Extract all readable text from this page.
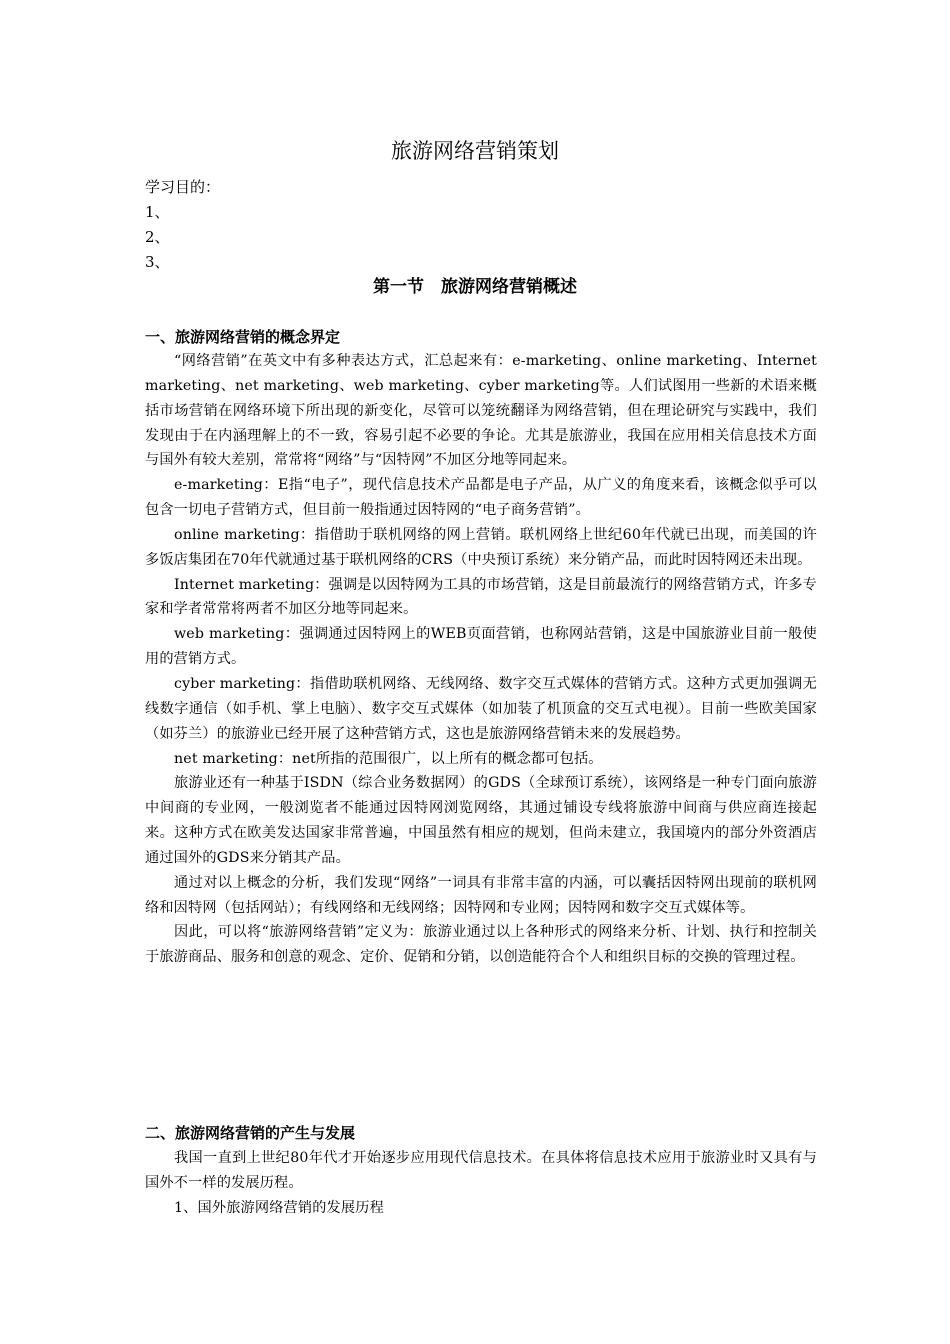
旅游网络营销策划
学习目的：
1、
2、
3、
第一节　旅游网络营销概述
一、旅游网络营销的概念界定

“网络营销”在英文中有多种表达方式，汇总起来有：e-marketing、online marketing、Internet marketing、net marketing、web marketing、cyber marketing等。人们试图用一些新的术语来概括市场营销在网络环境下所出现的新变化，尽管可以笼统翻译为网络营销，但在理论研究与实践中，我们发现由于在内涵理解上的不一致，容易引起不必要的争论。尤其是旅游业，我国在应用相关信息技术方面与国外有较大差别，常常将“网络”与“因特网”不加区分地等同起来。

e-marketing：E指“电子”，现代信息技术产品都是电子产品，从广义的角度来看，该概念似乎可以包含一切电子营销方式，但目前一般指通过因特网的“电子商务营销”。

online marketing：指借助于联机网络的网上营销。联机网络上世纪60年代就已出现，而美国的许多饭店集团在70年代就通过基于联机网络的CRS（中央预订系统）来分销产品，而此时因特网还未出现。

Internet marketing：强调是以因特网为工具的市场营销，这是目前最流行的网络营销方式，许多专家和学者常常将两者不加区分地等同起来。

web marketing：强调通过因特网上的WEB页面营销，也称网站营销，这是中国旅游业目前一般使用的营销方式。

cyber marketing：指借助联机网络、无线网络、数字交互式媒体的营销方式。这种方式更加强调无线数字通信（如手机、掌上电脑）、数字交互式媒体（如加装了机顶盒的交互式电视）。目前一些欧美国家（如芬兰）的旅游业已经开展了这种营销方式，这也是旅游网络营销未来的发展趋势。

net marketing：net所指的范围很广，以上所有的概念都可包括。

旅游业还有一种基于ISDN（综合业务数据网）的GDS（全球预订系统），该网络是一种专门面向旅游中间商的专业网，一般浏览者不能通过因特网浏览网络，其通过铺设专线将旅游中间商与供应商连接起来。这种方式在欧美发达国家非常普遍，中国虽然有相应的规划，但尚未建立，我国境内的部分外资酒店通过国外的GDS来分销其产品。

通过对以上概念的分析，我们发现“网络”一词具有非常丰富的内涵，可以囊括因特网出现前的联机网络和因特网（包括网站）；有线网络和无线网络；因特网和专业网；因特网和数字交互式媒体等。

因此，可以将“旅游网络营销”定义为：旅游业通过以上各种形式的网络来分析、计划、执行和控制关于旅游商品、服务和创意的观念、定价、促销和分销，以创造能符合个人和组织目标的交换的管理过程。

二、旅游网络营销的产生与发展

我国一直到上世纪80年代才开始逐步应用现代信息技术。在具体将信息技术应用于旅游业时又具有与国外不一样的发展历程。

1、国外旅游网络营销的发展历程
